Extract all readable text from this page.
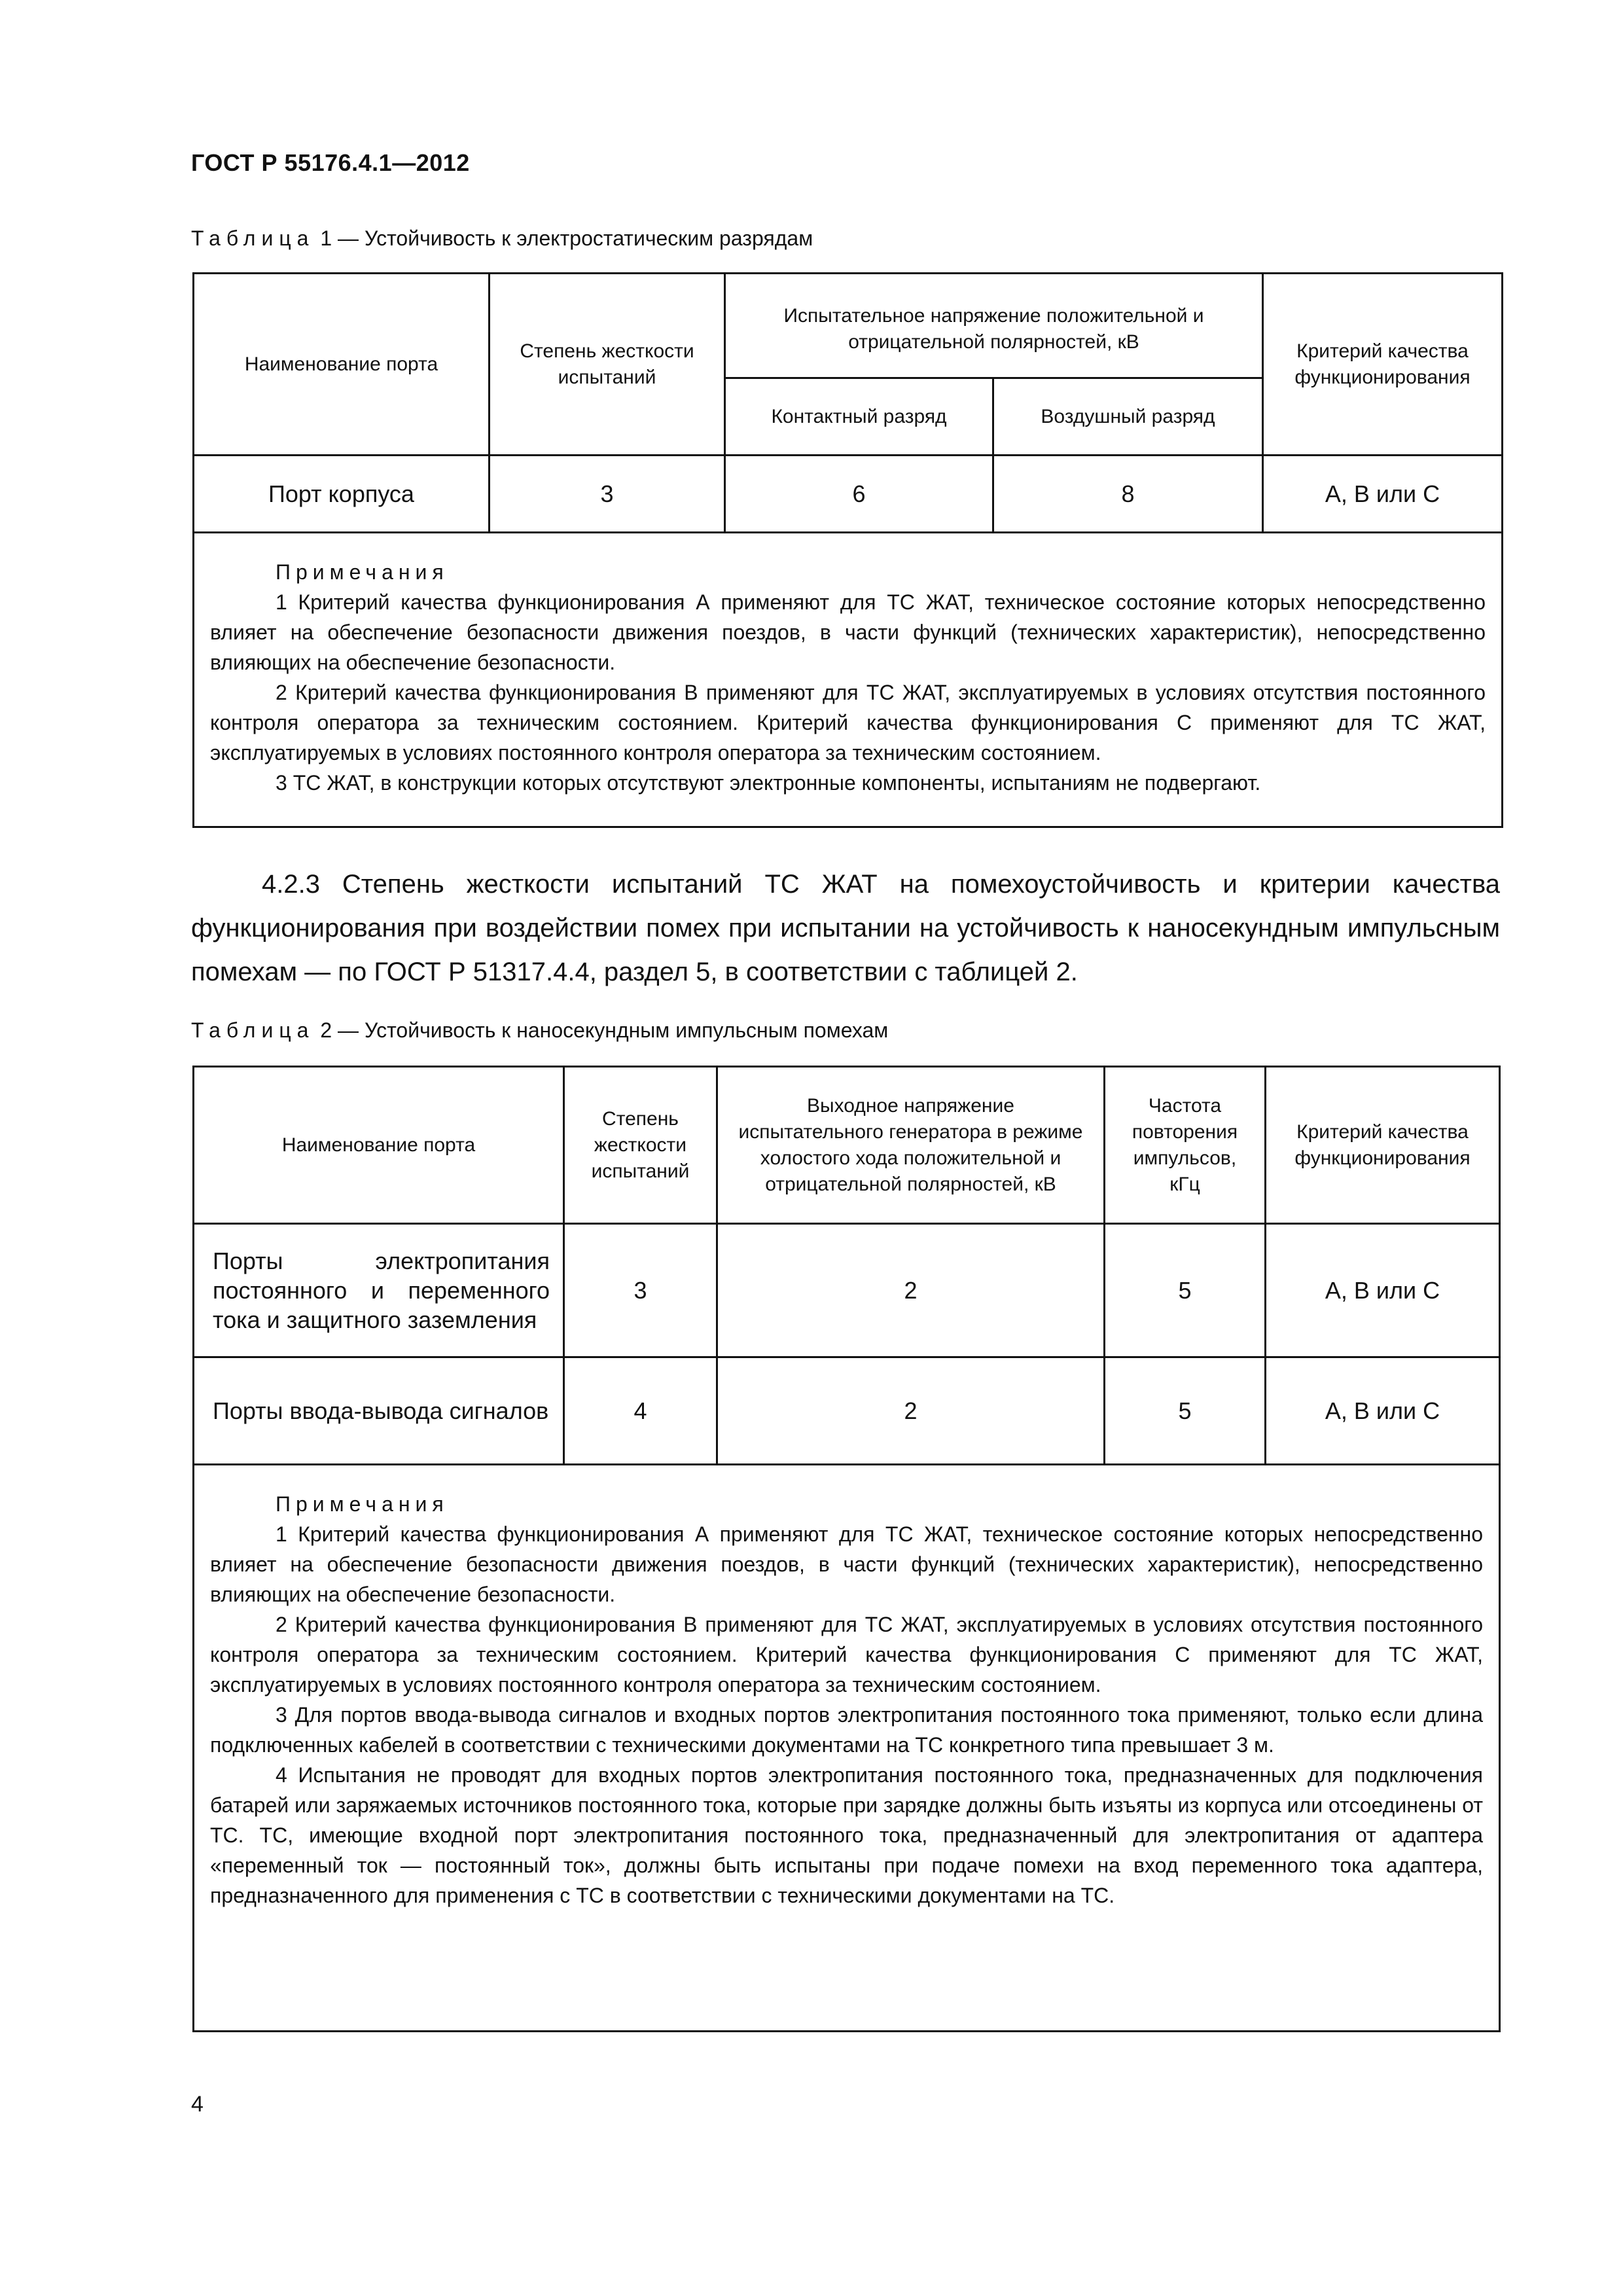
ГОСТ Р 55176.4.1—2012
Таблица 1 — Устойчивость к электростатическим разрядам
Наименование порта	Степень жесткости испытаний	Испытательное напряжение положительной и отрицательной полярностей, кВ		Критерий качества функционирования
		Контактный разряд	Воздушный разряд	
Порт корпуса	3	6	8	A, B или C

Примечания
1 Критерий качества функционирования А применяют для ТС ЖАТ, техническое состояние которых непосредственно влияет на обеспечение безопасности движения поездов, в части функций (технических характеристик), непосредственно влияющих на обеспечение безопасности.
2 Критерий качества функционирования B применяют для ТС ЖАТ, эксплуатируемых в условиях отсутствия постоянного контроля оператора за техническим состоянием. Критерий качества функционирования C применяют для ТС ЖАТ, эксплуатируемых в условиях постоянного контроля оператора за техническим состоянием.
3 ТС ЖАТ, в конструкции которых отсутствуют электронные компоненты, испытаниям не подвергают.				
4.2.3 Степень жесткости испытаний ТС ЖАТ на помехоустойчивость и критерии качества функционирования при воздействии помех при испытании на устойчивость к наносекундным импульсным помехам — по ГОСТ Р 51317.4.4, раздел 5, в соответствии с таблицей 2.
Таблица 2 — Устойчивость к наносекундным импульсным помехам
Наименование порта	Степень жесткости испытаний	Выходное напряжение испытательного генератора в режиме холостого хода положительной и отрицательной полярностей, кВ	Частота повторения импульсов, кГц	Критерий качества функционирования
Порты электропитания постоянного и переменного тока и защитного заземления	3	2	5	A, B или C
Порты ввода-вывода сигналов	4	2	5	A, B или C

Примечания
1 Критерий качества функционирования А применяют для ТС ЖАТ, техническое состояние которых непосредственно влияет на обеспечение безопасности движения поездов, в части функций (технических характеристик), непосредственно влияющих на обеспечение безопасности.
2 Критерий качества функционирования B применяют для ТС ЖАТ, эксплуатируемых в условиях отсутствия постоянного контроля оператора за техническим состоянием. Критерий качества функционирования C применяют для ТС ЖАТ, эксплуатируемых в условиях постоянного контроля оператора за техническим состоянием.
3 Для портов ввода-вывода сигналов и входных портов электропитания постоянного тока применяют, только если длина подключенных кабелей в соответствии с техническими документами на ТС конкретного типа превышает 3 м.
4 Испытания не проводят для входных портов электропитания постоянного тока, предназначенных для подключения батарей или заряжаемых источников постоянного тока, которые при зарядке должны быть изъяты из корпуса или отсоединены от ТС. ТС, имеющие входной порт электропитания постоянного тока, предназначенный для электропитания от адаптера «переменный ток — постоянный ток», должны быть испытаны при подаче помехи на вход переменного тока адаптера, предназначенного для применения с ТС в соответствии с техническими документами на ТС.				
4
